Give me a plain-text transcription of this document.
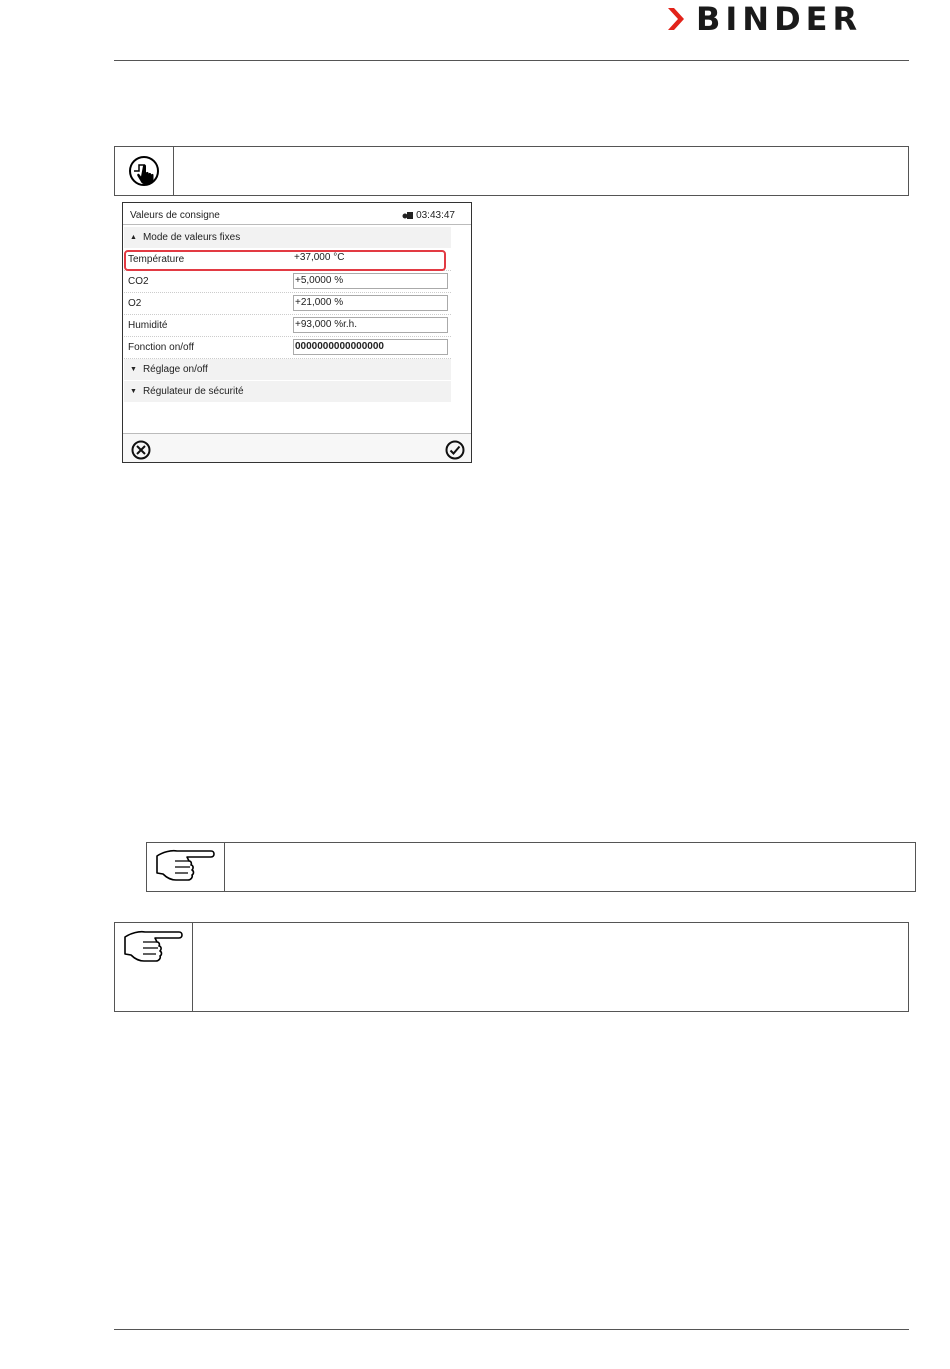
BINDER
Valeurs de consigne	03:43:47
▲ Mode de valeurs fixes
Température	+37,000 °C
CO2	+5,0000 %
O2	+21,000 %
Humidité	+93,000 %r.h.
Fonction on/off	0000000000000000
▼ Réglage on/off
▼ Régulateur de sécurité
